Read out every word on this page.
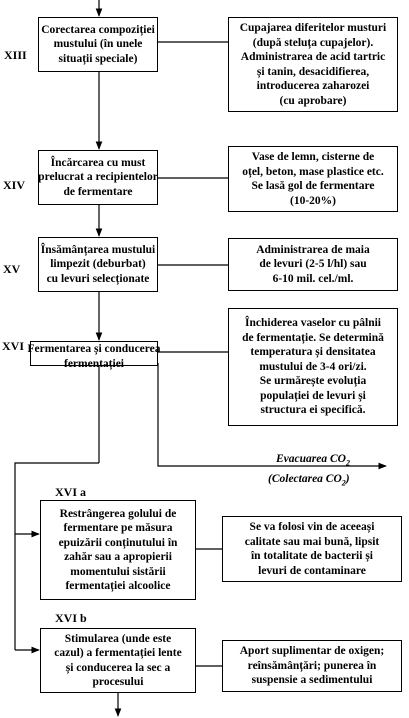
XIII
XIV
XV
XVI
XVI a
XVI b
Corectarea compoziției
mustului (în unele
situații speciale)
Cupajarea diferitelor musturi
(după steluța cupajelor).
Administrarea de acid tartric
și tanin, desacidifierea,
introducerea zaharozei
(cu aprobare)
Încărcarea cu must
prelucrat a recipientelor
de fermentare
Vase de lemn, cisterne de
oțel, beton, mase plastice etc.
Se lasă gol de fermentare
(10-20%)
Însămânțarea mustului
limpezit (deburbat)
cu levuri selecționate
Administrarea de maia
de levuri (2-5 l/hl) sau
6-10 mil. cel./ml.
Fermentarea și conducerea
fermentației
Închiderea vaselor cu pâlnii
de fermentație. Se determină
temperatura și densitatea
mustului de 3-4 ori/zi.
Se urmărește evoluția
populației de levuri și
structura ei specifică.
Evacuarea $CO_2$
(Colectarea $CO_2$)
Restrângerea golului de
fermentare pe măsura
epuizării conținutului în
zahăr sau a apropierii
momentului sistării
fermentației alcoolice
Se va folosi vin de aceeași
calitate sau mai bună, lipsit
în totalitate de bacterii și
levuri de contaminare
Stimularea (unde este
cazul) a fermentației lente
și conducerea la sec a
procesului
Aport suplimentar de oxigen;
reînsămânțări; punerea în
suspensie a sedimentului
